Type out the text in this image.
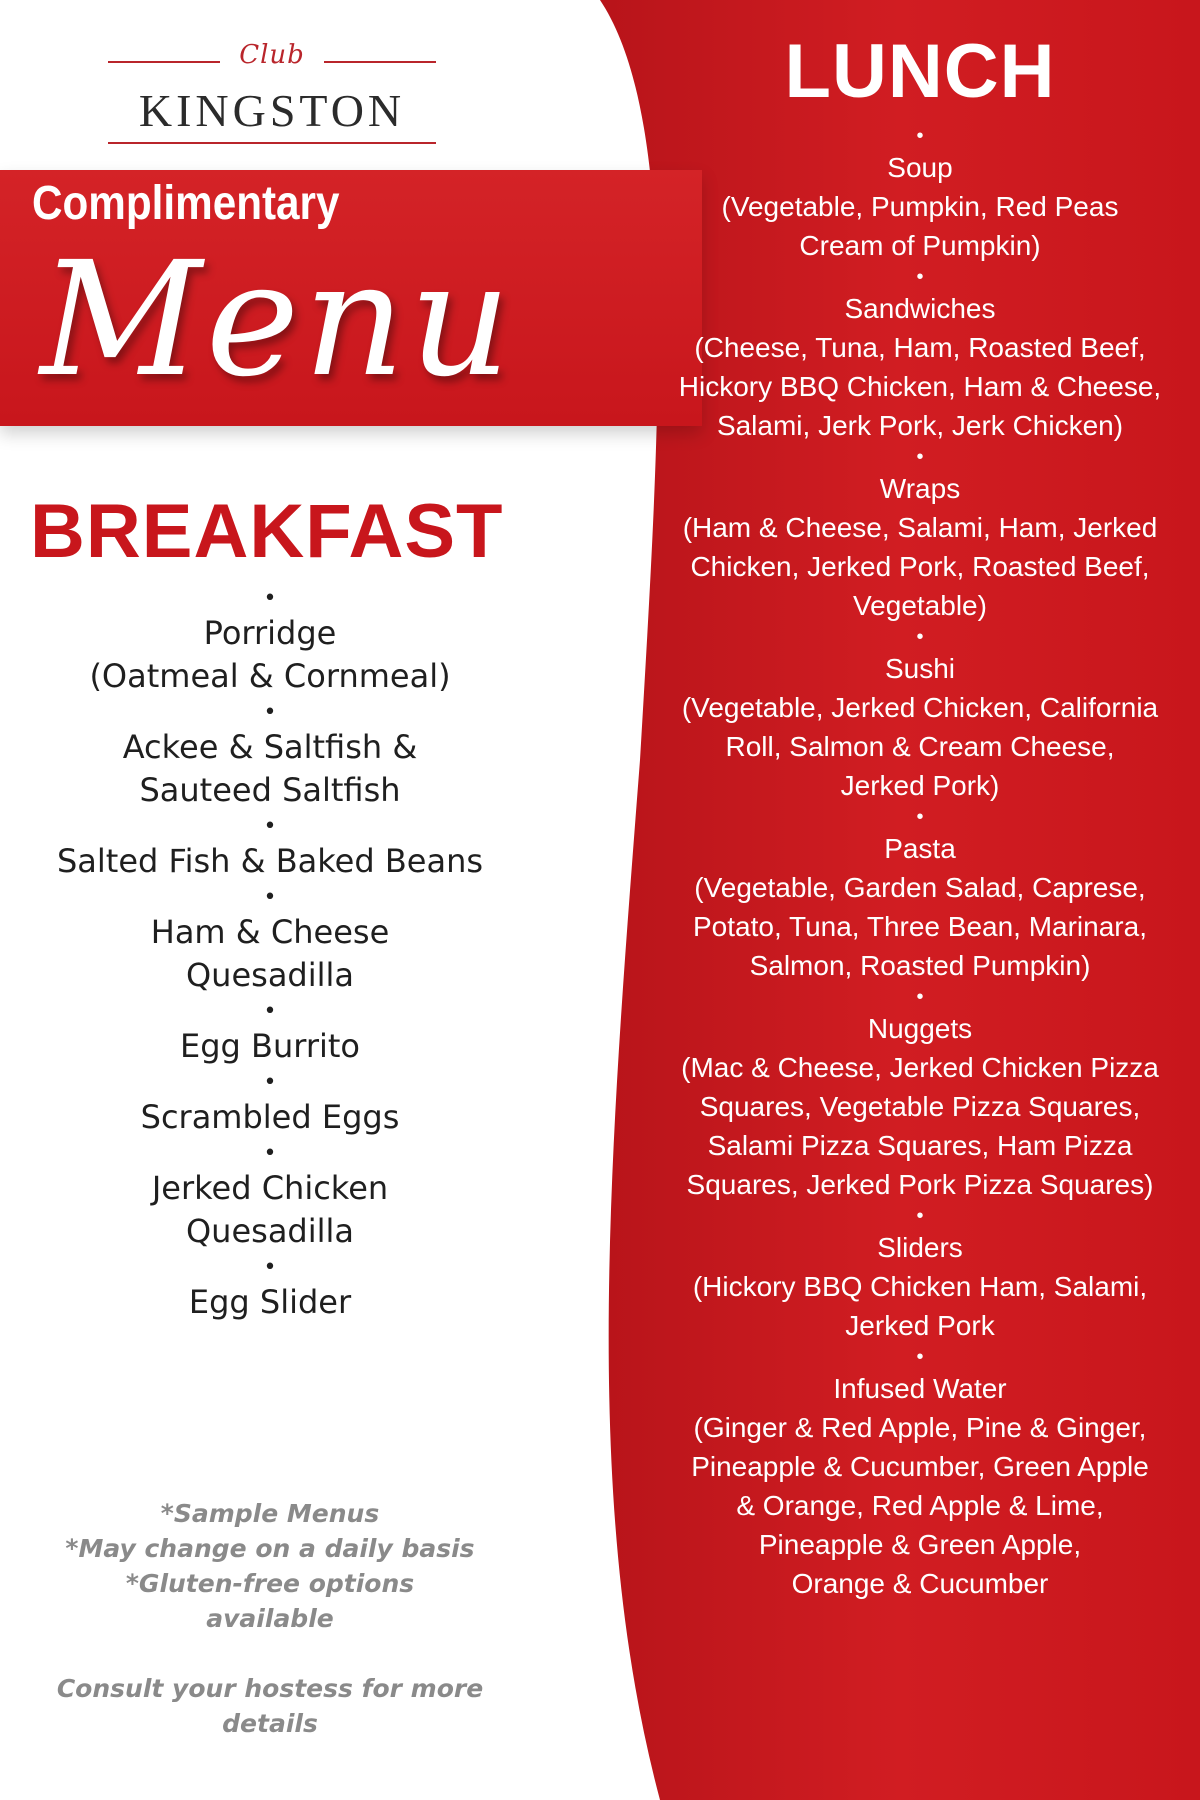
Club
KINGSTON
Complimentary
Menu
BREAKFAST
•
Porridge
(Oatmeal & Cornmeal)
•
Ackee & Saltfish &
Sauteed Saltfish
•
Salted Fish & Baked Beans
•
Ham & Cheese
Quesadilla
•
Egg Burrito
•
Scrambled Eggs
•
Jerked Chicken
Quesadilla
•
Egg Slider
*Sample Menus
*May change on a daily basis
*Gluten-free options
available
Consult your hostess for more
details
LUNCH
•
Soup
(Vegetable, Pumpkin, Red Peas
Cream of Pumpkin)
•
Sandwiches
(Cheese, Tuna, Ham, Roasted Beef,
Hickory BBQ Chicken, Ham & Cheese,
Salami, Jerk Pork, Jerk Chicken)
•
Wraps
(Ham & Cheese, Salami, Ham, Jerked
Chicken, Jerked Pork, Roasted Beef,
Vegetable)
•
Sushi
(Vegetable, Jerked Chicken, California
Roll, Salmon & Cream Cheese,
Jerked Pork)
•
Pasta
(Vegetable, Garden Salad, Caprese,
Potato, Tuna, Three Bean, Marinara,
Salmon, Roasted Pumpkin)
•
Nuggets
(Mac & Cheese, Jerked Chicken Pizza
Squares, Vegetable Pizza Squares,
Salami Pizza Squares, Ham Pizza
Squares, Jerked Pork Pizza Squares)
•
Sliders
(Hickory BBQ Chicken Ham, Salami,
Jerked Pork
•
Infused Water
(Ginger & Red Apple, Pine & Ginger,
Pineapple & Cucumber, Green Apple
& Orange, Red Apple & Lime,
Pineapple & Green Apple,
Orange & Cucumber
